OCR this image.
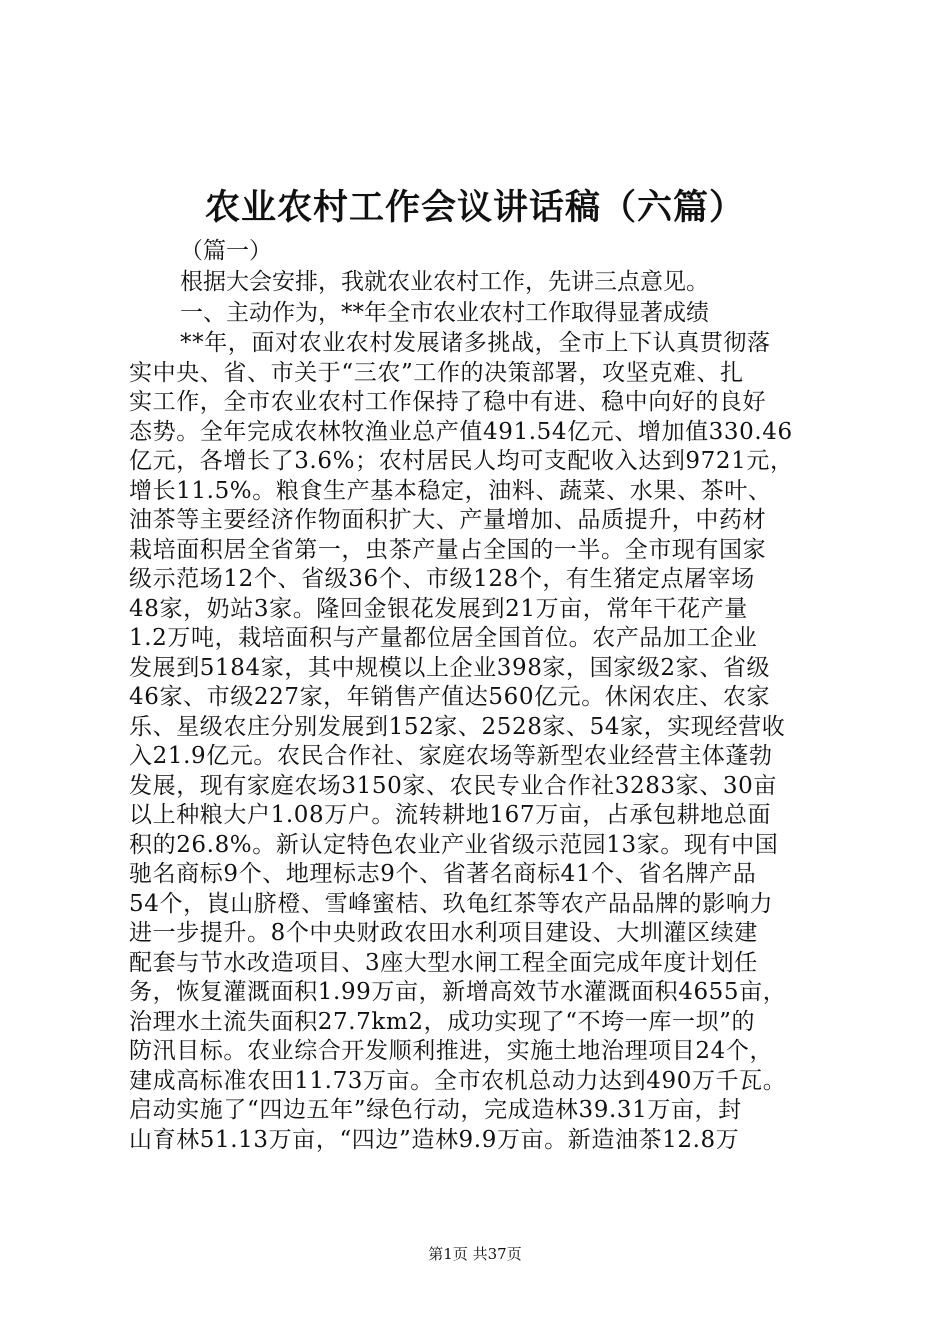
农业农村工作会议讲话稿（六篇）
（篇一）
根据大会安排，我就农业农村工作，先讲三点意见。
一、主动作为，**年全市农业农村工作取得显著成绩
**年，面对农业农村发展诸多挑战，全市上下认真贯彻落
实中央、省、市关于“三农”工作的决策部署，攻坚克难、扎
实工作，全市农业农村工作保持了稳中有进、稳中向好的良好
态势。全年完成农林牧渔业总产值491.54亿元、增加值330.46
亿元，各增长了3.6%；农村居民人均可支配收入达到9721元，
增长11.5%。粮食生产基本稳定，油料、蔬菜、水果、茶叶、
油茶等主要经济作物面积扩大、产量增加、品质提升，中药材
栽培面积居全省第一，虫茶产量占全国的一半。全市现有国家
级示范场12个、省级36个、市级128个，有生猪定点屠宰场
48家，奶站3家。隆回金银花发展到21万亩，常年干花产量
1.2万吨，栽培面积与产量都位居全国首位。农产品加工企业
发展到5184家，其中规模以上企业398家，国家级2家、省级
46家、市级227家，年销售产值达560亿元。休闲农庄、农家
乐、星级农庄分别发展到152家、2528家、54家，实现经营收
入21.9亿元。农民合作社、家庭农场等新型农业经营主体蓬勃
发展，现有家庭农场3150家、农民专业合作社3283家、30亩
以上种粮大户1.08万户。流转耕地167万亩，占承包耕地总面
积的26.8%。新认定特色农业产业省级示范园13家。现有中国
驰名商标9个、地理标志9个、省著名商标41个、省名牌产品
54个，崀山脐橙、雪峰蜜桔、玖龟红茶等农产品品牌的影响力
进一步提升。8个中央财政农田水利项目建设、大圳灌区续建
配套与节水改造项目、3座大型水闸工程全面完成年度计划任
务，恢复灌溉面积1.99万亩，新增高效节水灌溉面积4655亩，
治理水土流失面积27.7km2，成功实现了“不垮一库一坝”的
防汛目标。农业综合开发顺利推进，实施土地治理项目24个，
建成高标准农田11.73万亩。全市农机总动力达到490万千瓦。
启动实施了“四边五年”绿色行动，完成造林39.31万亩，封
山育林51.13万亩，“四边”造林9.9万亩。新造油茶12.8万
第1页 共37页
